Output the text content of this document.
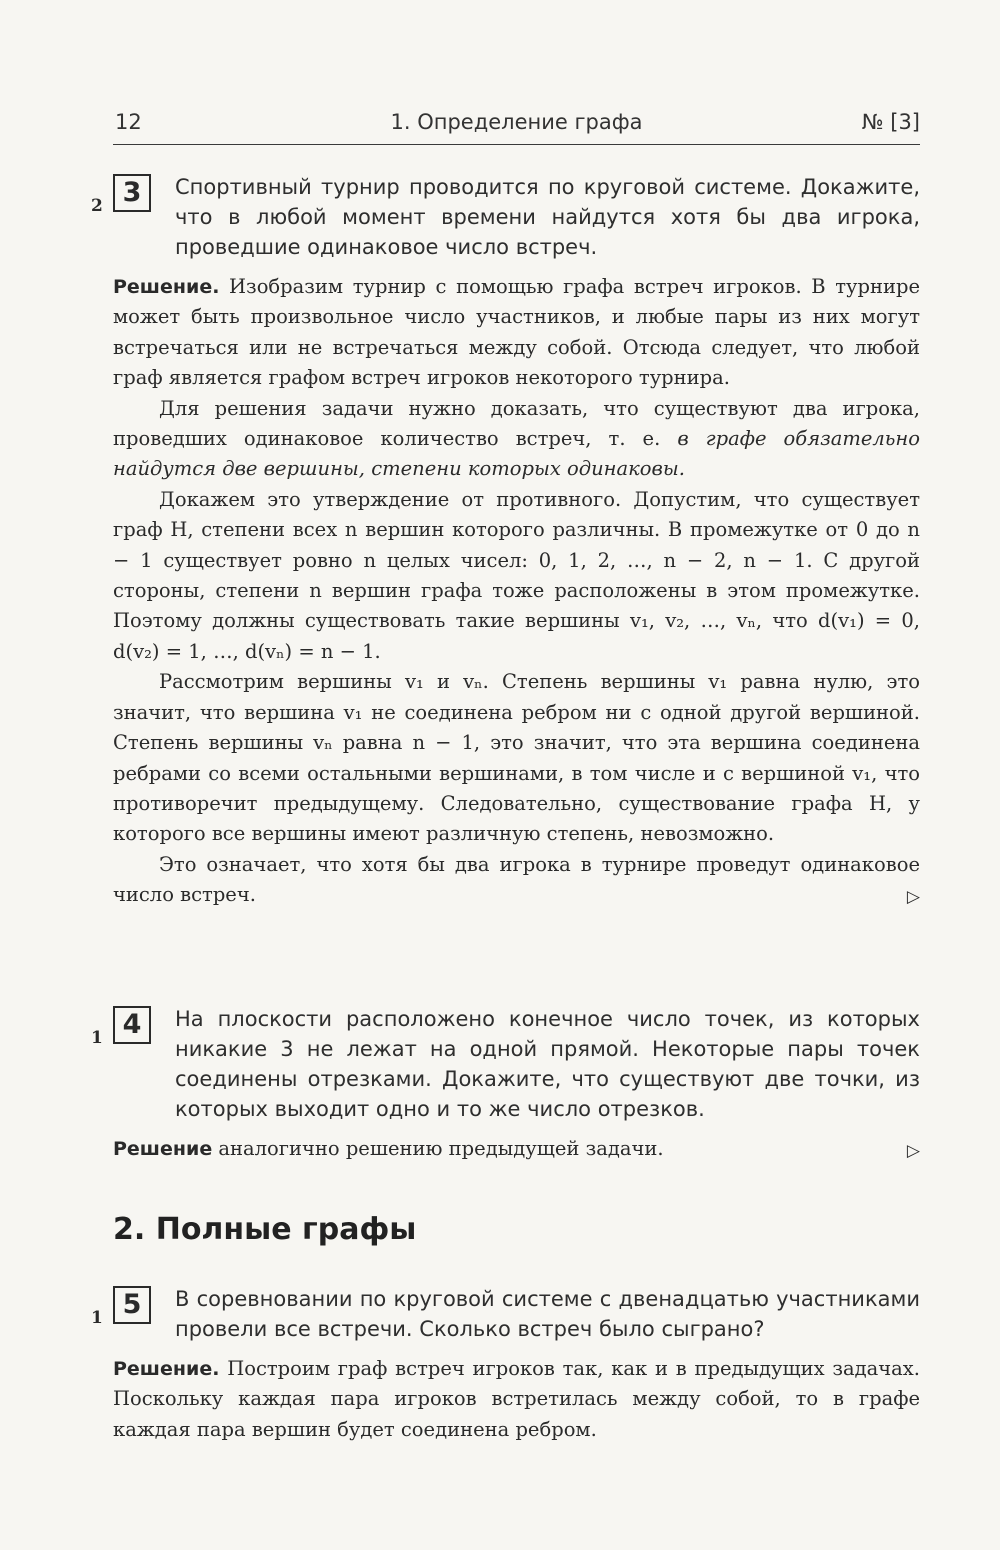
12	1. Определение графа	№ [3]
2 3	Спортивный турнир проводится по круговой системе. Докажите, что в любой момент времени найдутся хотя бы два игрока, проведшие одинаковое число встреч.

Решение. Изобразим турнир с помощью графа встреч игроков. В турнире может быть произвольное число участников, и любые пары из них могут встречаться или не встречаться между собой. Отсюда следует, что любой граф является графом встреч игроков некоторого турнира.

Для решения задачи нужно доказать, что существуют два игрока, проведших одинаковое количество встреч, т. е. в графе обязательно найдутся две вершины, степени которых одинаковы.

Докажем это утверждение от противного. Допустим, что существует граф H, степени всех n вершин которого различны. В промежутке от 0 до n − 1 существует ровно n целых чисел: 0, 1, 2, …, n − 2, n − 1. С другой стороны, степени n вершин графа тоже расположены в этом промежутке. Поэтому должны существовать такие вершины v₁, v₂, …, vₙ, что d(v₁) = 0, d(v₂) = 1, …, d(vₙ) = n − 1.

Рассмотрим вершины v₁ и vₙ. Степень вершины v₁ равна нулю, это значит, что вершина v₁ не соединена ребром ни с одной другой вершиной. Степень вершины vₙ равна n − 1, это значит, что эта вершина соединена ребрами со всеми остальными вершинами, в том числе и с вершиной v₁, что противоречит предыдущему. Следовательно, существование графа H, у которого все вершины имеют различную степень, невозможно.

Это означает, что хотя бы два игрока в турнире проведут одинаковое число встреч.	▷

1 4	На плоскости расположено конечное число точек, из которых никакие 3 не лежат на одной прямой. Некоторые пары точек соединены отрезками. Докажите, что существуют две точки, из которых выходит одно и то же число отрезков.

Решение аналогично решению предыдущей задачи.	▷

2. Полные графы
1 5	В соревновании по круговой системе с двенадцатью участниками провели все встречи. Сколько встреч было сыграно?

Решение. Построим граф встреч игроков так, как и в предыдущих задачах. Поскольку каждая пара игроков встретилась между собой, то в графе каждая пара вершин будет соединена ребром.
